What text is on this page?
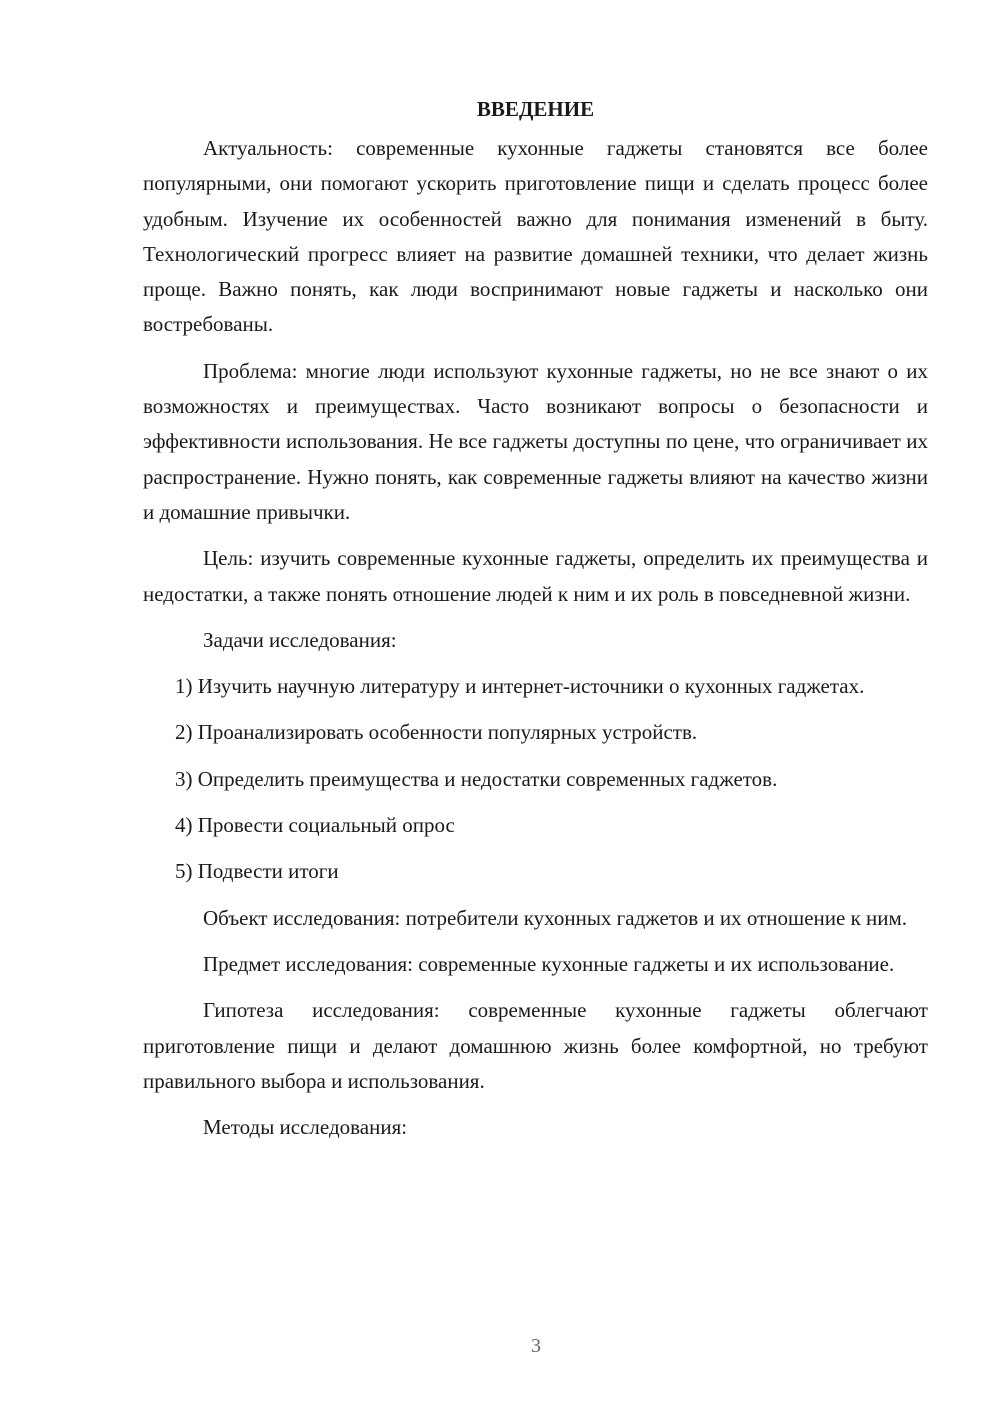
ВВЕДЕНИЕ

Актуальность: современные кухонные гаджеты становятся все более популярными, они помогают ускорить приготовление пищи и сделать процесс более удобным. Изучение их особенностей важно для понимания изменений в быту. Технологический прогресс влияет на развитие домашней техники, что делает жизнь проще. Важно понять, как люди воспринимают новые гаджеты и насколько они востребованы.

Проблема: многие люди используют кухонные гаджеты, но не все знают о их возможностях и преимуществах. Часто возникают вопросы о безопасности и эффективности использования. Не все гаджеты доступны по цене, что ограничивает их распространение. Нужно понять, как современные гаджеты влияют на качество жизни и домашние привычки.

Цель: изучить современные кухонные гаджеты, определить их преимущества и недостатки, а также понять отношение людей к ним и их роль в повседневной жизни.

Задачи исследования:

1) Изучить научную литературу и интернет-источники о кухонных гаджетах.

2) Проанализировать особенности популярных устройств.

3) Определить преимущества и недостатки современных гаджетов.

4) Провести социальный опрос

5) Подвести итоги

Объект исследования: потребители кухонных гаджетов и их отношение к ним.

Предмет исследования: современные кухонные гаджеты и их использование.

Гипотеза исследования: современные кухонные гаджеты облегчают приготовление пищи и делают домашнюю жизнь более комфортной, но требуют правильного выбора и использования.

Методы исследования:

3
